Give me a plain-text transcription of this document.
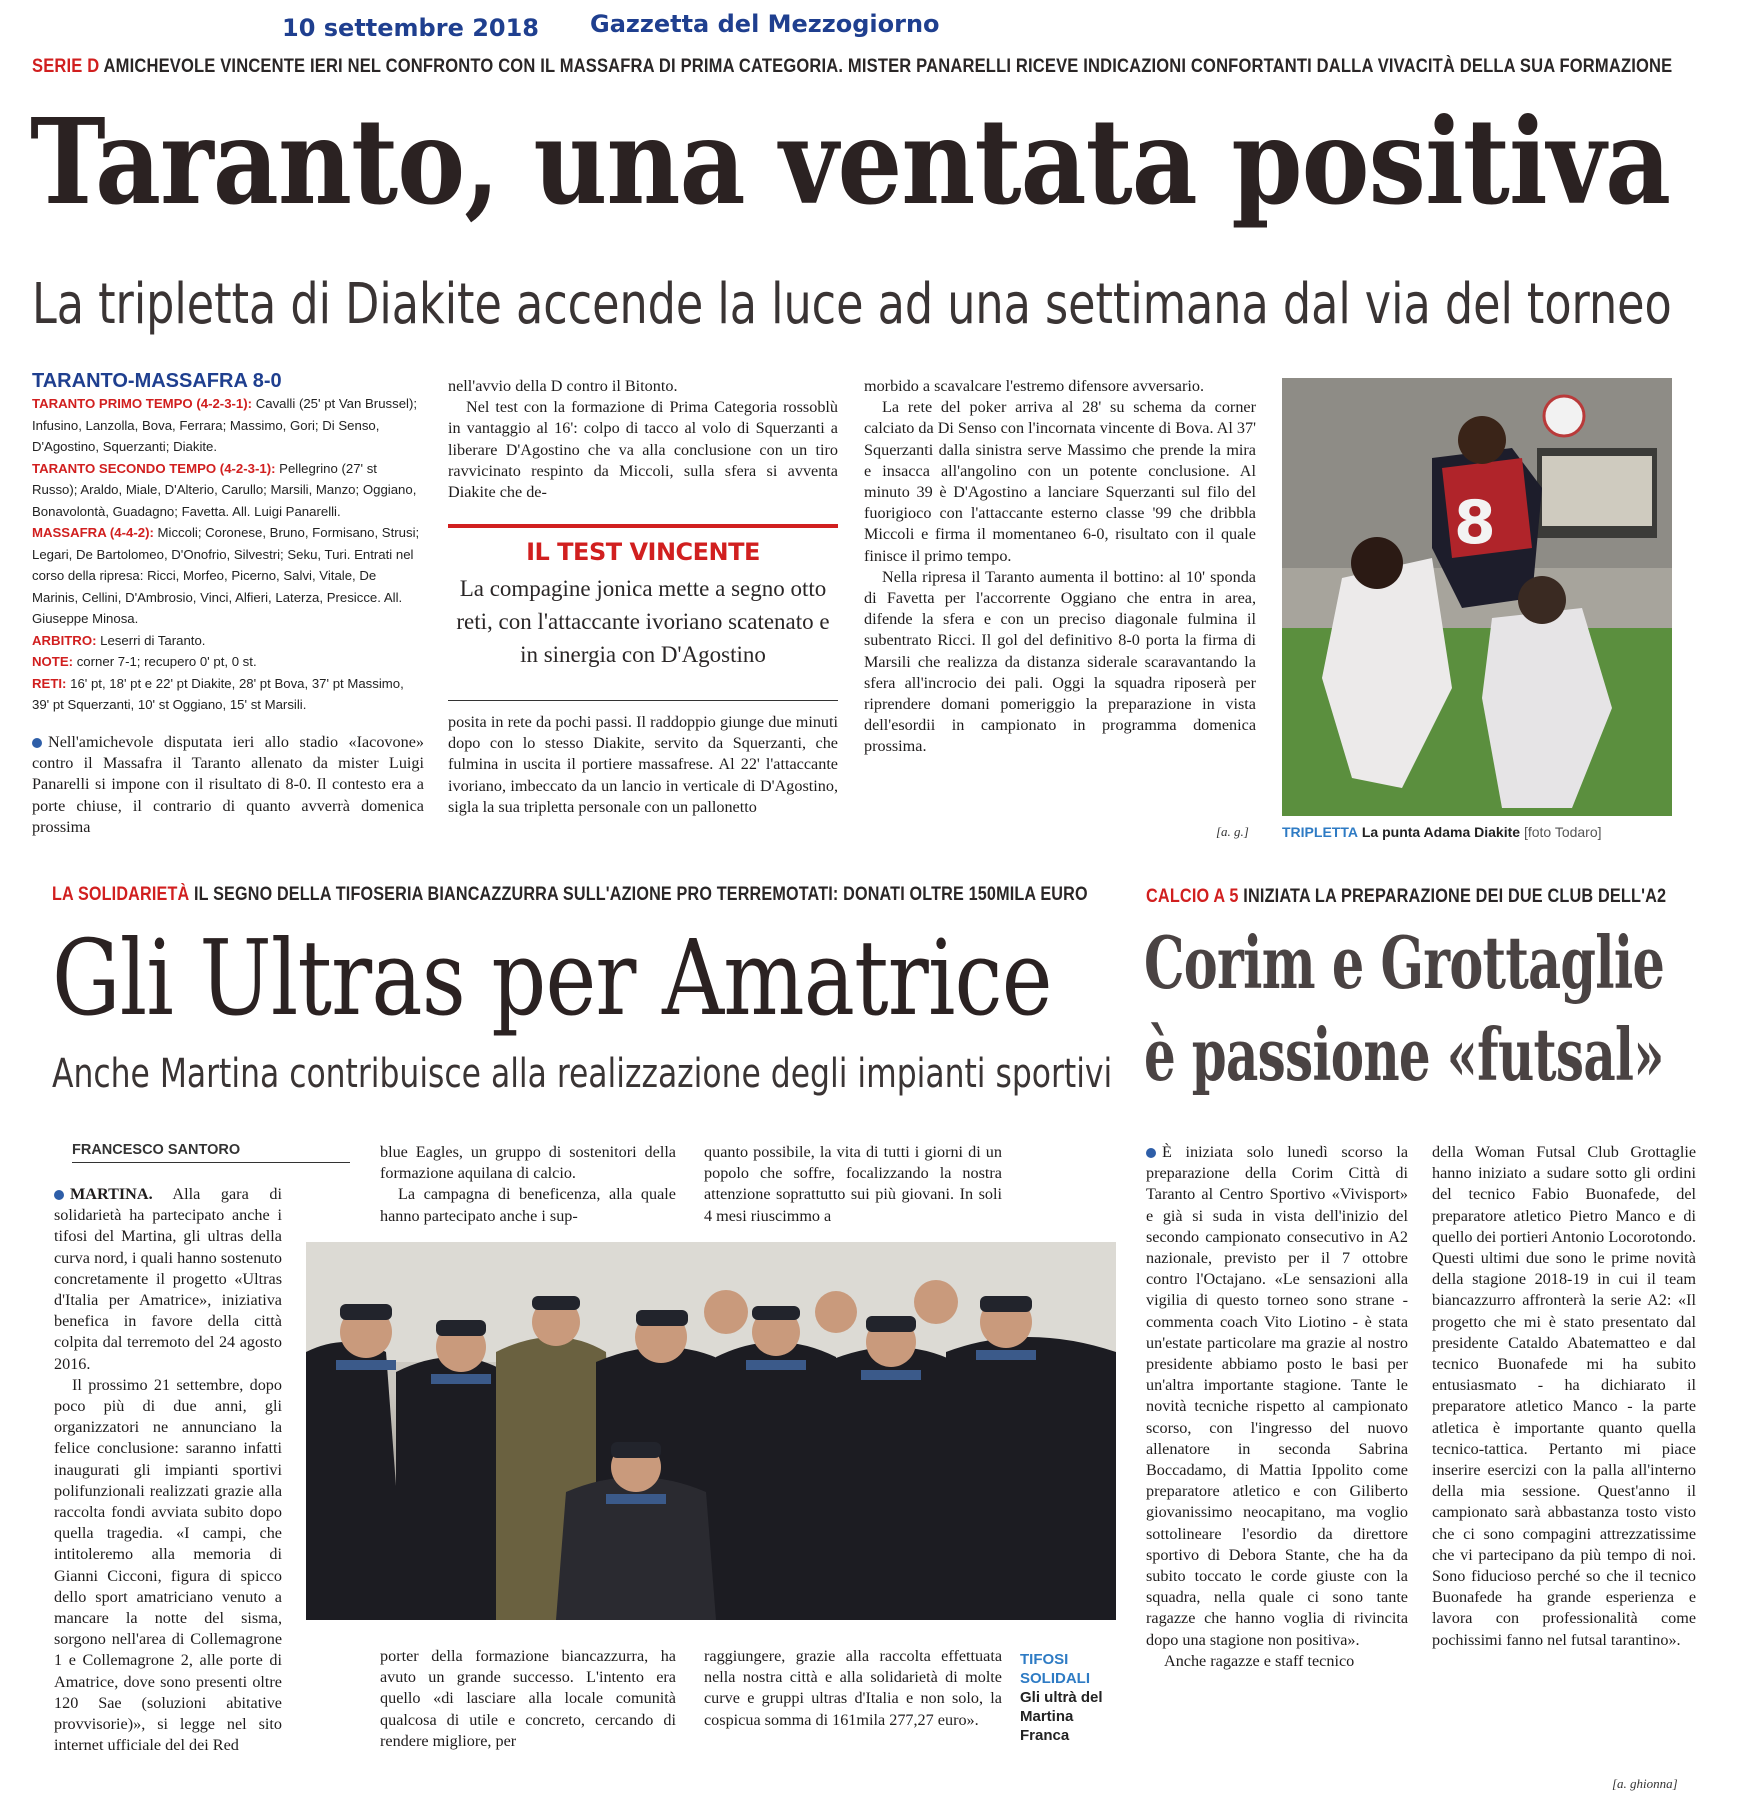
10 settembre 2018 Gazzetta del Mezzogiorno
SERIE D AMICHEVOLE VINCENTE IERI NEL CONFRONTO CON IL MASSAFRA DI PRIMA CATEGORIA. MISTER PANARELLI RICEVE INDICAZIONI CONFORTANTI DALLA VIVACITÀ DELLA SUA FORMAZIONE
Taranto, una ventata positiva
La tripletta di Diakite accende la luce ad una settimana dal via del torneo
TARANTO-MASSAFRA 8-0
TARANTO PRIMO TEMPO (4-2-3-1): Cavalli (25' pt Van Brussel); Infusino, Lanzolla, Bova, Ferrara; Massimo, Gori; Di Senso, D'Agostino, Squerzanti; Diakite.
TARANTO SECONDO TEMPO (4-2-3-1): Pellegrino (27' st Russo); Araldo, Miale, D'Alterio, Carullo; Marsili, Manzo; Oggiano, Bonavolontà, Guadagno; Favetta. All. Luigi Panarelli.
MASSAFRA (4-4-2): Miccoli; Coronese, Bruno, Formisano, Strusi; Legari, De Bartolomeo, D'Onofrio, Silvestri; Seku, Turi. Entrati nel corso della ripresa: Ricci, Morfeo, Picerno, Salvi, Vitale, De Marinis, Cellini, D'Ambrosio, Vinci, Alfieri, Laterza, Presicce. All. Giuseppe Minosa.
ARBITRO: Leserri di Taranto.
NOTE: corner 7-1; recupero 0' pt, 0 st.
RETI: 16' pt, 18' pt e 22' pt Diakite, 28' pt Bova, 37' pt Massimo, 39' pt Squerzanti, 10' st Oggiano, 15' st Marsili.

Nell'amichevole disputata ieri allo stadio «Iacovone» contro il Massafra il Taranto allenato da mister Luigi Panarelli si impone con il risultato di 8-0. Il contesto era a porte chiuse, il contrario di quanto avverrà domenica prossima

nell'avvio della D contro il Bitonto.

Nel test con la formazione di Prima Categoria rossoblù in vantaggio al 16': colpo di tacco al volo di Squerzanti a liberare D'Agostino che va alla conclusione con un tiro ravvicinato respinto da Miccoli, sulla sfera si avventa Diakite che de-

IL TEST VINCENTE
La compagine jonica mette a segno otto reti, con l'attaccante ivoriano scatenato e in sinergia con D'Agostino

posita in rete da pochi passi. Il raddoppio giunge due minuti dopo con lo stesso Diakite, servito da Squerzanti, che fulmina in uscita il portiere massafrese. Al 22' l'attaccante ivoriano, imbeccato da un lancio in verticale di D'Agostino, sigla la sua tripletta personale con un pallonetto

morbido a scavalcare l'estremo difensore avversario.

La rete del poker arriva al 28' su schema da corner calciato da Di Senso con l'incornata vincente di Bova. Al 37' Squerzanti dalla sinistra serve Massimo che prende la mira e insacca all'angolino con un potente conclusione. Al minuto 39 è D'Agostino a lanciare Squerzanti sul filo del fuorigioco con l'attaccante esterno classe '99 che dribbla Miccoli e firma il momentaneo 6-0, risultato con il quale finisce il primo tempo.

Nella ripresa il Taranto aumenta il bottino: al 10' sponda di Favetta per l'accorrente Oggiano che entra in area, difende la sfera e con un preciso diagonale fulmina il subentrato Ricci. Il gol del definitivo 8-0 porta la firma di Marsili che realizza da distanza siderale scaravantando la sfera all'incrocio dei pali. Oggi la squadra riposerà per riprendere domani pomeriggio la preparazione in vista dell'esordii in campionato in programma domenica prossima.

[a. g.]
8
TRIPLETTA La punta Adama Diakite [foto Todaro]
LA SOLIDARIETÀ IL SEGNO DELLA TIFOSERIA BIANCAZZURRA SULL'AZIONE PRO TERREMOTATI: DONATI OLTRE 150MILA EURO
Gli Ultras per Amatrice
Anche Martina contribuisce alla realizzazione degli impianti sportivi
FRANCESCO SANTORO

MARTINA. Alla gara di solidarietà ha partecipato anche i tifosi del Martina, gli ultras della curva nord, i quali hanno sostenuto concretamente il progetto «Ultras d'Italia per Amatrice», iniziativa benefica in favore della città colpita dal terremoto del 24 agosto 2016.

Il prossimo 21 settembre, dopo poco più di due anni, gli organizzatori ne annunciano la felice conclusione: saranno infatti inaugurati gli impianti sportivi polifunzionali realizzati grazie alla raccolta fondi avviata subito dopo quella tragedia. «I campi, che intitoleremo alla memoria di Gianni Cicconi, figura di spicco dello sport amatriciano venuto a mancare la notte del sisma, sorgono nell'area di Collemagrone 1 e Collemagrone 2, alle porte di Amatrice, dove sono presenti oltre 120 Sae (soluzioni abitative provvisorie)», si legge nel sito internet ufficiale del dei Red

blue Eagles, un gruppo di sostenitori della formazione aquilana di calcio.

La campagna di beneficenza, alla quale hanno partecipato anche i sup-

quanto possibile, la vita di tutti i giorni di un popolo che soffre, focalizzando la nostra attenzione soprattutto sui più giovani. In soli 4 mesi riuscimmo a

porter della formazione biancazzurra, ha avuto un grande successo. L'intento era quello «di lasciare alla locale comunità qualcosa di utile e concreto, cercando di rendere migliore, per

raggiungere, grazie alla raccolta effettuata nella nostra città e alla solidarietà di molte curve e gruppi ultras d'Italia e non solo, la cospicua somma di 161mila 277,27 euro».

TIFOSI
SOLIDALI
Gli ultrà del
Martina
Franca
CALCIO A 5 INIZIATA LA PREPARAZIONE DEI DUE CLUB DELL'A2
Corim e Grottaglie
è passione «futsal»

È iniziata solo lunedì scorso la preparazione della Corim Città di Taranto al Centro Sportivo «Vivisport» e già si suda in vista dell'inizio del secondo campionato consecutivo in A2 nazionale, previsto per il 7 ottobre contro l'Octajano. «Le sensazioni alla vigilia di questo torneo sono strane - commenta coach Vito Liotino - è stata un'estate particolare ma grazie al nostro presidente abbiamo posto le basi per un'altra importante stagione. Tante le novità tecniche rispetto al campionato scorso, con l'ingresso del nuovo allenatore in seconda Sabrina Boccadamo, di Mattia Ippolito come preparatore atletico e con Giliberto giovanissimo neocapitano, ma voglio sottolineare l'esordio da direttore sportivo di Debora Stante, che ha da subito toccato le corde giuste con la squadra, nella quale ci sono tante ragazze che hanno voglia di rivincita dopo una stagione non positiva».

Anche ragazze e staff tecnico

della Woman Futsal Club Grottaglie hanno iniziato a sudare sotto gli ordini del tecnico Fabio Buonafede, del preparatore atletico Pietro Manco e di quello dei portieri Antonio Locorotondo. Questi ultimi due sono le prime novità della stagione 2018-19 in cui il team biancazzurro affronterà la serie A2: «Il progetto che mi è stato presentato dal presidente Cataldo Abatematteo e dal tecnico Buonafede mi ha subito entusiasmato - ha dichiarato il preparatore atletico Manco - la parte atletica è importante quanto quella tecnico-tattica. Pertanto mi piace inserire esercizi con la palla all'interno della mia sessione. Quest'anno il campionato sarà abbastanza tosto visto che ci sono compagini attrezzatissime che vi partecipano da più tempo di noi. Sono fiducioso perché so che il tecnico Buonafede ha grande esperienza e lavora con professionalità come pochissimi fanno nel futsal tarantino».

[a. ghionna]
